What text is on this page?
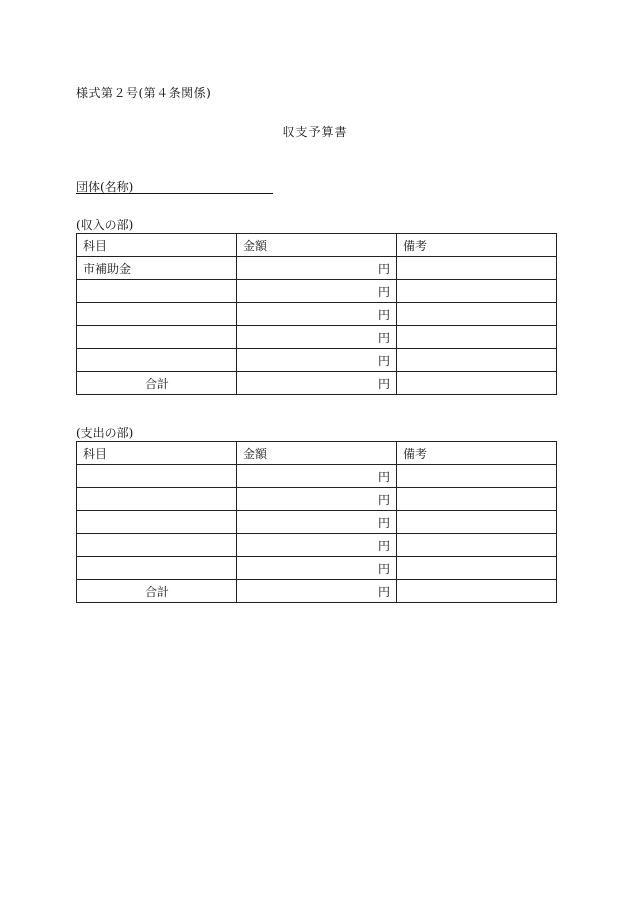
様式第２号(第４条関係)
収支予算書
団体(名称)
(収入の部)
科目	金額	備考
市補助金	円	
	円	
	円	
	円	
	円	
合計	円	
(支出の部)
科目	金額	備考
	円	
	円	
	円	
	円	
	円	
合計	円	
